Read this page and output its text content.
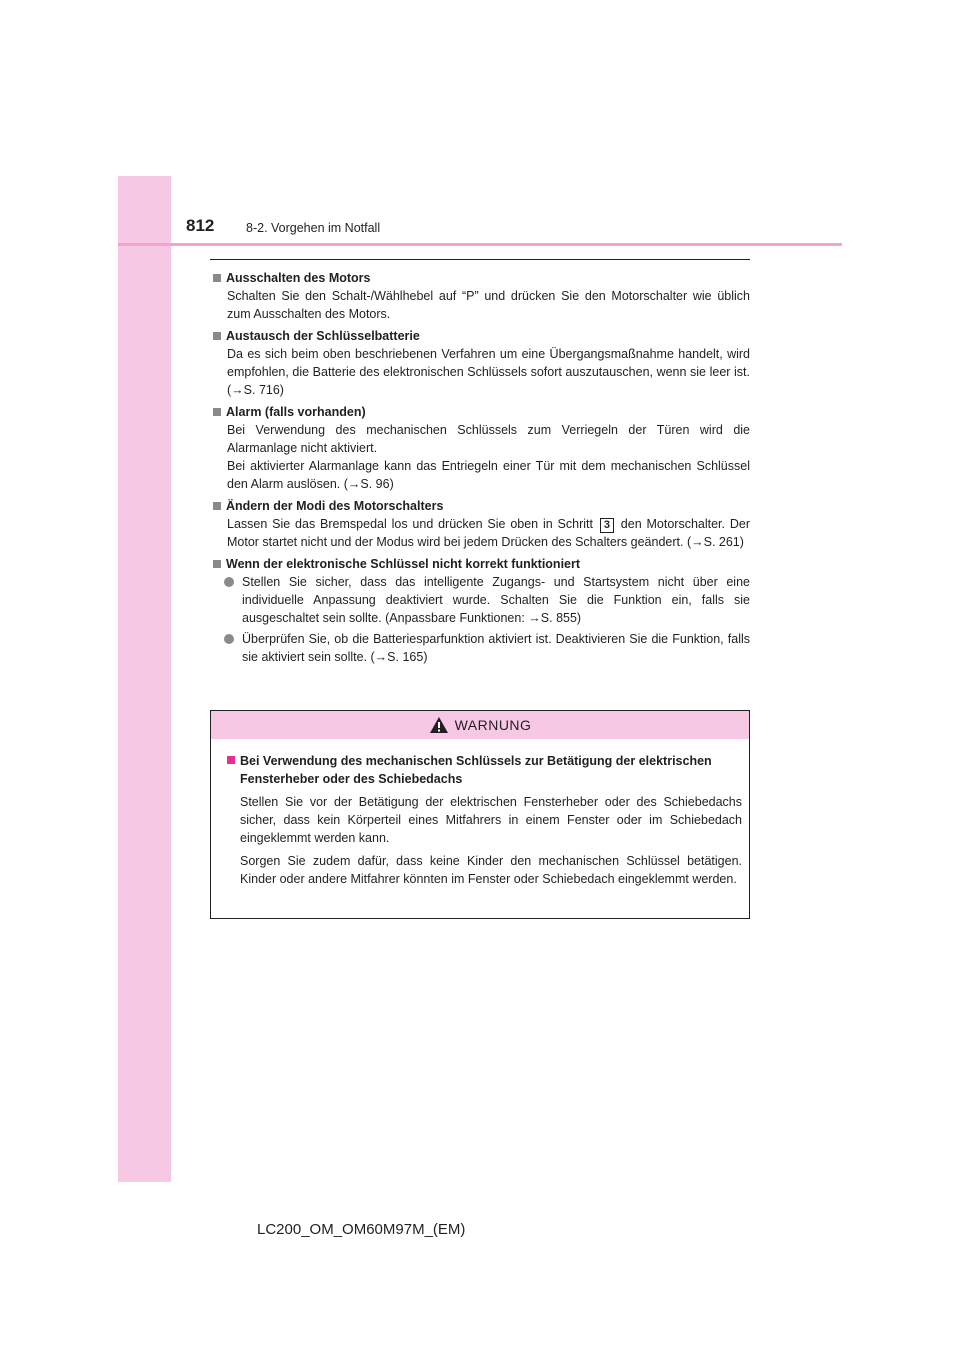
812	8-2. Vorgehen im Notfall
Ausschalten des Motors

Schalten Sie den Schalt-/Wählhebel auf “P” und drücken Sie den Motorschalter wie üblich zum Ausschalten des Motors.

Austausch der Schlüsselbatterie

Da es sich beim oben beschriebenen Verfahren um eine Übergangsmaßnahme handelt, wird empfohlen, die Batterie des elektronischen Schlüssels sofort auszutauschen, wenn sie leer ist. (→S. 716)

Alarm (falls vorhanden)

Bei Verwendung des mechanischen Schlüssels zum Verriegeln der Türen wird die Alarmanlage nicht aktiviert.

Bei aktivierter Alarmanlage kann das Entriegeln einer Tür mit dem mechanischen Schlüssel den Alarm auslösen. (→S. 96)

Ändern der Modi des Motorschalters

Lassen Sie das Bremspedal los und drücken Sie oben in Schritt 3 den Motorschalter. Der Motor startet nicht und der Modus wird bei jedem Drücken des Schalters geändert. (→S. 261)

Wenn der elektronische Schlüssel nicht korrekt funktioniert
Stellen Sie sicher, dass das intelligente Zugangs- und Startsystem nicht über eine individuelle Anpassung deaktiviert wurde. Schalten Sie die Funktion ein, falls sie ausgeschaltet sein sollte. (Anpassbare Funktionen: →S. 855)
Überprüfen Sie, ob die Batteriesparfunktion aktiviert ist. Deaktivieren Sie die Funktion, falls sie aktiviert sein sollte. (→S. 165)
WARNUNG
Bei Verwendung des mechanischen Schlüssels zur Betätigung der elektrischen Fensterheber oder des Schiebedachs

Stellen Sie vor der Betätigung der elektrischen Fensterheber oder des Schiebedachs sicher, dass kein Körperteil eines Mitfahrers in einem Fenster oder im Schiebedach eingeklemmt werden kann.

Sorgen Sie zudem dafür, dass keine Kinder den mechanischen Schlüssel betätigen. Kinder oder andere Mitfahrer könnten im Fenster oder Schiebedach eingeklemmt werden.

LC200_OM_OM60M97M_(EM)
